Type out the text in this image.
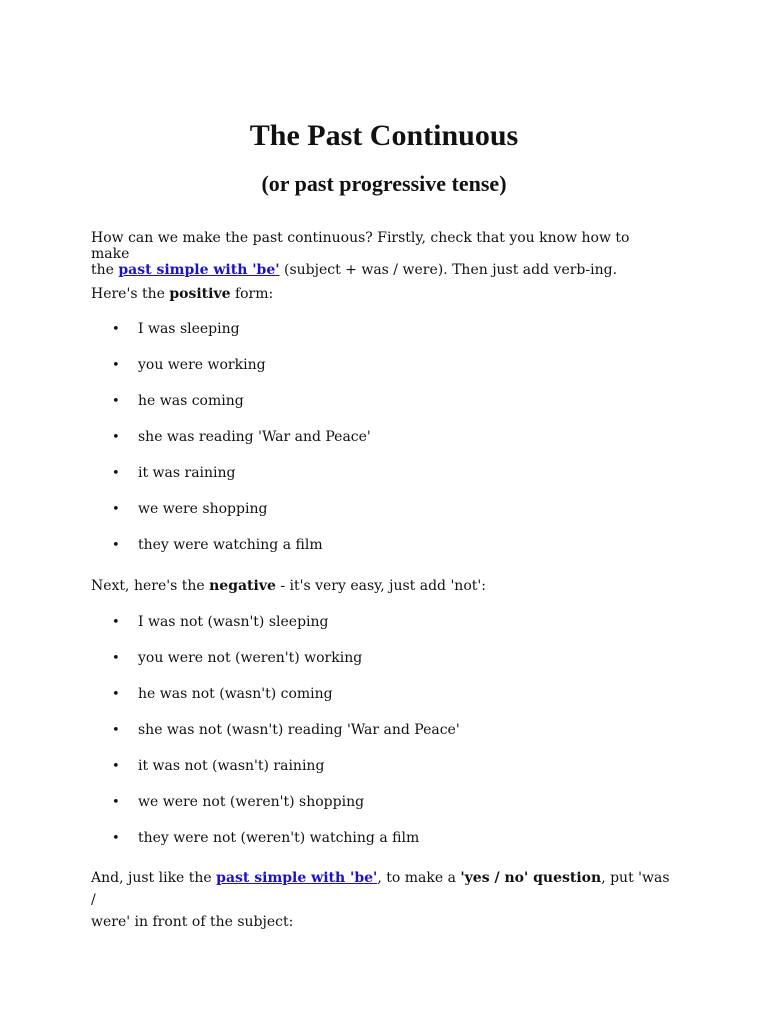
The Past Continuous
(or past progressive tense)
How can we make the past continuous? Firstly, check that you know how to make
the past simple with 'be' (subject + was / were). Then just add verb-ing.
Here's the positive form:
• I was sleeping
• you were working
• he was coming
• she was reading 'War and Peace'
• it was raining
• we were shopping
• they were watching a film
Next, here's the negative - it's very easy, just add 'not':
• I was not (wasn't) sleeping
• you were not (weren't) working
• he was not (wasn't) coming
• she was not (wasn't) reading 'War and Peace'
• it was not (wasn't) raining
• we were not (weren't) shopping
• they were not (weren't) watching a film
And, just like the past simple with 'be', to make a 'yes / no' question, put 'was /
were' in front of the subject:
